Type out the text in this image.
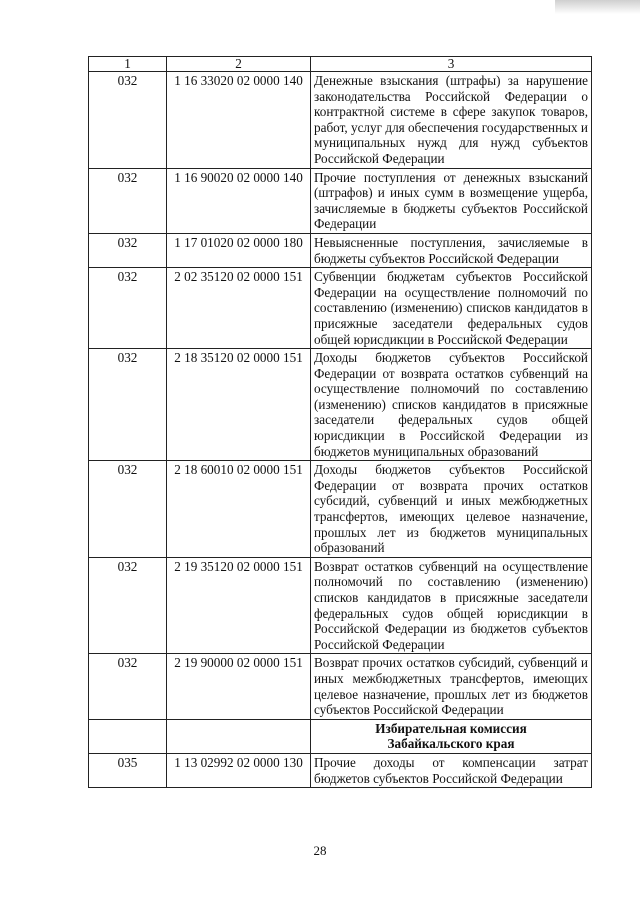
1	2	3
032	1 16 33020 02 0000 140	Денежные взыскания (штрафы) за нарушение законодательства Российской Федерации о контрактной системе в сфере закупок товаров, работ, услуг для обеспечения государственных и муниципальных нужд для нужд субъектов Российской Федерации
032	1 16 90020 02 0000 140	Прочие поступления от денежных взысканий (штрафов) и иных сумм в возмещение ущерба, зачисляемые в бюджеты субъектов Российской Федерации
032	1 17 01020 02 0000 180	Невыясненные поступления, зачисляемые в бюджеты субъектов Российской Федерации
032	2 02 35120 02 0000 151	Субвенции бюджетам субъектов Российской Федерации на осуществление полномочий по составлению (изменению) списков кандидатов в присяжные заседатели федеральных судов общей юрисдикции в Российской Федерации
032	2 18 35120 02 0000 151	Доходы бюджетов субъектов Российской Федерации от возврата остатков субвенций на осуществление полномочий по составлению (изменению) списков кандидатов в присяжные заседатели федеральных судов общей юрисдикции в Российской Федерации из бюджетов муниципальных образований
032	2 18 60010 02 0000 151	Доходы бюджетов субъектов Российской Федерации от возврата прочих остатков субсидий, субвенций и иных межбюджетных трансфертов, имеющих целевое назначение, прошлых лет из бюджетов муниципальных образований
032	2 19 35120 02 0000 151	Возврат остатков субвенций на осуществление полномочий по составлению (изменению) списков кандидатов в присяжные заседатели федеральных судов общей юрисдикции в Российской Федерации из бюджетов субъектов Российской Федерации
032	2 19 90000 02 0000 151	Возврат прочих остатков субсидий, субвенций и иных межбюджетных трансфертов, имеющих целевое назначение, прошлых лет из бюджетов субъектов Российской Федерации

		Избирательная комиссия
Забайкальского края

035	1 13 02992 02 0000 130	Прочие доходы от компенсации затрат бюджетов субъектов Российской Федерации
28
